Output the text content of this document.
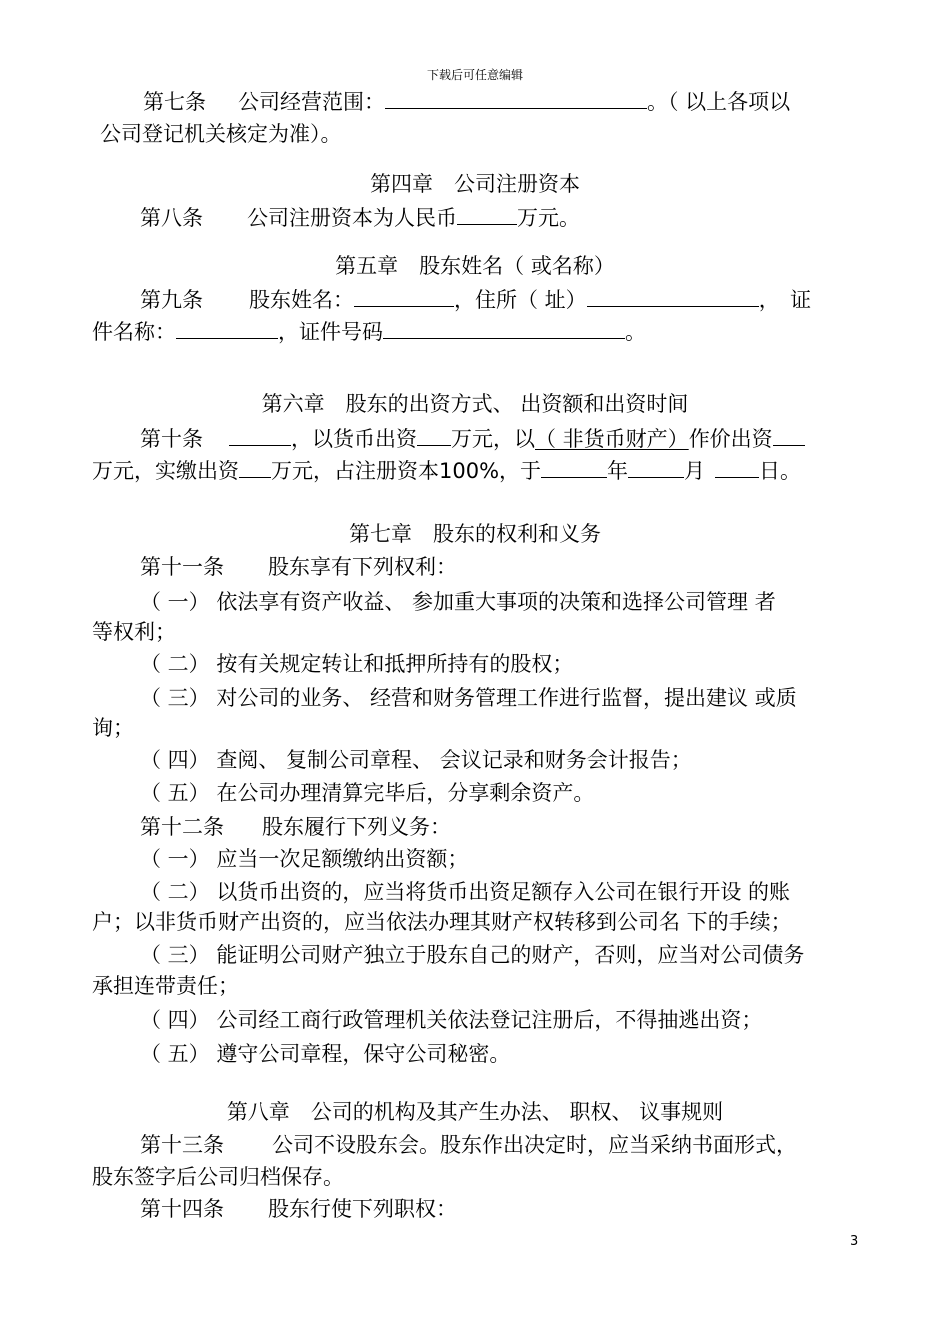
下载后可任意编辑
第七条 公司经营范围：	。（ 以上各项以
公司登记机关核定为准）。
第四章　公司注册资本
第八条 公司注册资本为人民币	万元。
第五章　股东姓名（ 或名称）
第九条 股东姓名：	，住所（ 址）	，　证
件名称：	，证件号码	。
第六章　股东的出资方式、 出资额和出资时间
第十条	，以货币出资 万元，以（ 非货币财产）作价出资
万元，实缴出资 万元，占注册资本100%，于	年	月	日。
第七章　股东的权利和义务
第十一条 股东享有下列权利：
（ 一） 依法享有资产收益、 参加重大事项的决策和选择公司管理 者
等权利；
（ 二） 按有关规定转让和抵押所持有的股权；
（ 三） 对公司的业务、 经营和财务管理工作进行监督，提出建议 或质
询；
（ 四） 查阅、 复制公司章程、 会议记录和财务会计报告；
（ 五） 在公司办理清算完毕后，分享剩余资产。
第十二条 股东履行下列义务：
（ 一） 应当一次足额缴纳出资额；
（ 二） 以货币出资的，应当将货币出资足额存入公司在银行开设 的账
户；以非货币财产出资的，应当依法办理其财产权转移到公司名 下的手续；
（ 三） 能证明公司财产独立于股东自己的财产，否则，应当对公司债务
承担连带责任；
（ 四） 公司经工商行政管理机关依法登记注册后，不得抽逃出资；
（ 五） 遵守公司章程，保守公司秘密。
第八章　公司的机构及其产生办法、 职权、 议事规则
第十三条 公司不设股东会。股东作出决定时，应当采纳书面形式，
股东签字后公司归档保存。
第十四条 股东行使下列职权：
3
